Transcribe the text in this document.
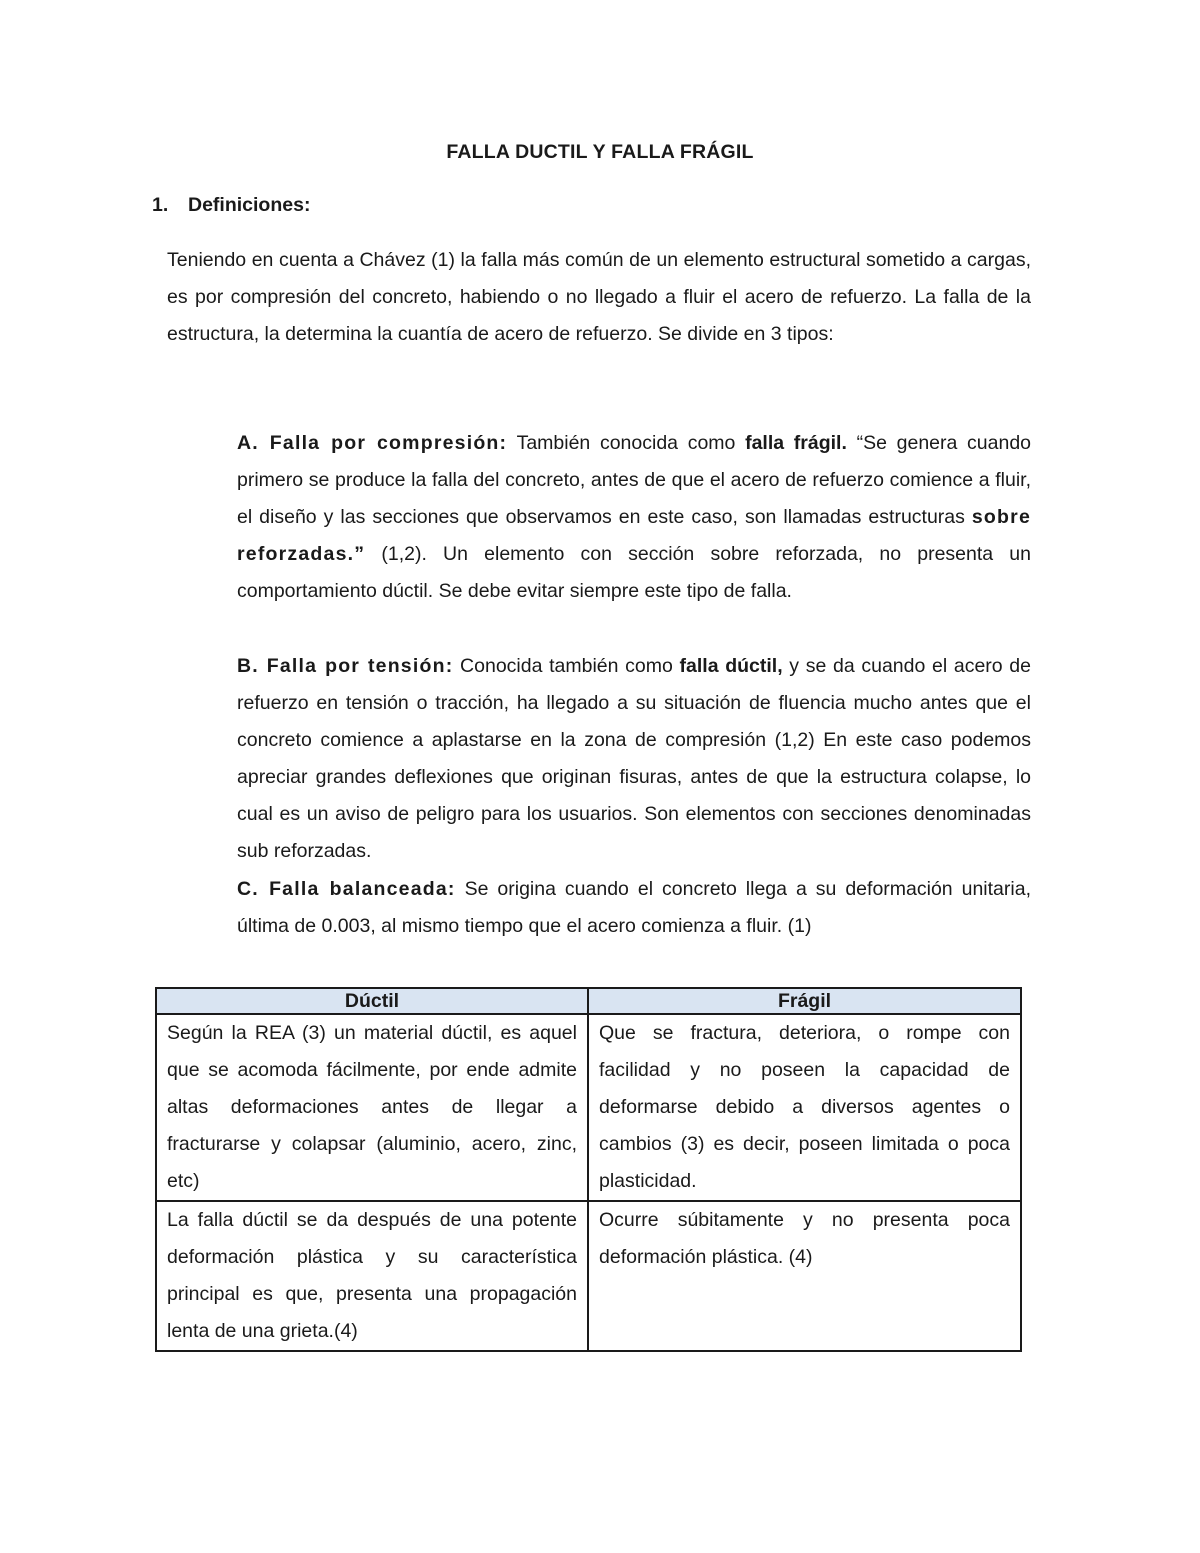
FALLA DUCTIL Y FALLA FRÁGIL
1. Definiciones:
Teniendo en cuenta a Chávez (1) la falla más común de un elemento estructural sometido a cargas, es por compresión del concreto, habiendo o no llegado a fluir el acero de refuerzo. La falla de la estructura, la determina la cuantía de acero de refuerzo. Se divide en 3 tipos:
A. Falla por compresión: También conocida como falla frágil. “Se genera cuando primero se produce la falla del concreto, antes de que el acero de refuerzo comience a fluir, el diseño y las secciones que observamos en este caso, son llamadas estructuras sobre reforzadas.” (1,2). Un elemento con sección sobre reforzada, no presenta un comportamiento dúctil. Se debe evitar siempre este tipo de falla.
B. Falla por tensión: Conocida también como falla dúctil, y se da cuando el acero de refuerzo en tensión o tracción, ha llegado a su situación de fluencia mucho antes que el concreto comience a aplastarse en la zona de compresión (1,2) En este caso podemos apreciar grandes deflexiones que originan fisuras, antes de que la estructura colapse, lo cual es un aviso de peligro para los usuarios. Son elementos con secciones denominadas sub reforzadas.
C. Falla balanceada: Se origina cuando el concreto llega a su deformación unitaria, última de 0.003, al mismo tiempo que el acero comienza a fluir. (1)
Dúctil	Frágil
Según la REA (3) un material dúctil, es aquel que se acomoda fácilmente, por ende admite altas deformaciones antes de llegar a fracturarse y colapsar (aluminio, acero, zinc, etc)	Que se fractura, deteriora, o rompe con facilidad y no poseen la capacidad de deformarse debido a diversos agentes o cambios (3) es decir, poseen limitada o poca plasticidad.
La falla dúctil se da después de una potente deformación plástica y su característica principal es que, presenta una propagación lenta de una grieta.(4)	Ocurre súbitamente y no presenta poca deformación plástica. (4)
